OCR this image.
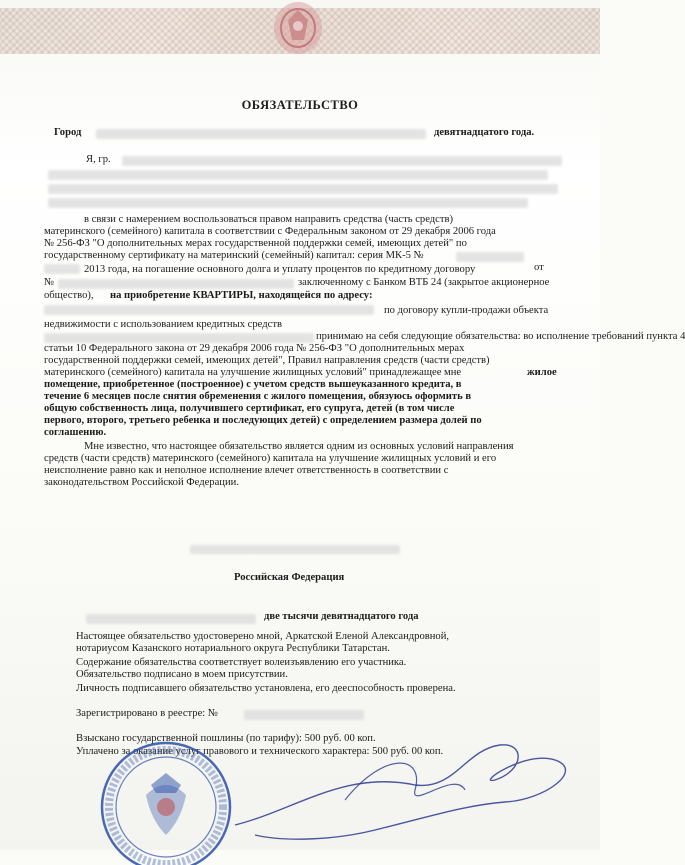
ОБЯЗАТЕЛЬСТВО
Город	девятнадцатого года.
Я, гр.
в связи с намерением воспользоваться правом направить средства (часть средств)
материнского (семейного) капитала в соответствии с Федеральным законом от 29 декабря 2006 года
№ 256-ФЗ "О дополнительных мерах государственной поддержки семей, имеющих детей" по
государственному сертификату на материнский (семейный) капитал: серия МК-5 №
от
2013 года, на погашение основного долга и уплату процентов по кредитному договору
№	заключенному с Банком ВТБ 24 (закрытое акционерное
общество), на приобретение КВАРТИРЫ, находящейся по адресу:
по договору купли-продажи объекта
недвижимости с использованием кредитных средств
принимаю на себя следующие обязательства: во исполнение требований пункта 4
статьи 10 Федерального закона от 29 декабря 2006 года № 256-ФЗ "О дополнительных мерах
государственной поддержки семей, имеющих детей", Правил направления средств (части средств)
материнского (семейного) капитала на улучшение жилищных условий" принадлежащее мне	жилое
помещение, приобретенное (построенное) с учетом средств вышеуказанного кредита, в
течение 6 месяцев после снятия обременения с жилого помещения, обязуюсь оформить в
общую собственность лица, получившего сертификат, его супруга, детей (в том числе
первого, второго, третьего ребенка и последующих детей) с определением размера долей по
соглашению.
Мне известно, что настоящее обязательство является одним из основных условий направления
средств (части средств) материнского (семейного) капитала на улучшение жилищных условий и его
неисполнение равно как и неполное исполнение влечет ответственность в соответствии с
законодательством Российской Федерации.
Российская Федерация
две тысячи девятнадцатого года
Настоящее обязательство удостоверено мной, Аркатской Еленой Александровной,
нотариусом Казанского нотариального округа Республики Татарстан.
Содержание обязательства соответствует волеизъявлению его участника.
Обязательство подписано в моем присутствии.
Личность подписавшего обязательство установлена, его дееспособность проверена.
Зарегистрировано в реестре: №
Взыскано государственной пошлины (по тарифу): 500 руб. 00 коп.
Уплачено за оказание услуг правового и технического характера: 500 руб. 00 коп.
